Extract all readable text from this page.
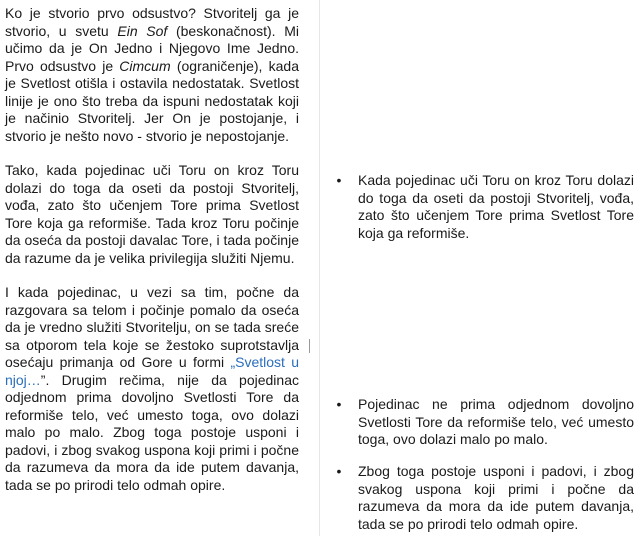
Ko je stvorio prvo odsustvo? Stvoritelj ga je stvorio, u svetu Ein Sof (beskonačnost). Mi učimo da je On Jedno i Njegovo Ime Jedno. Prvo odsustvo je Cimcum (ograničenje), kada je Svetlost otišla i ostavila nedostatak. Svetlost linije je ono što treba da ispuni nedostatak koji je načinio Stvoritelj. Jer On je postojanje, i stvorio je nešto novo - stvorio je nepostojanje.

Tako, kada pojedinac uči Toru on kroz Toru dolazi do toga da oseti da postoji Stvoritelj, vođa, zato što učenjem Tore prima Svetlost Tore koja ga reformiše. Tada kroz Toru počinje da oseća da postoji davalac Tore, i tada počinje da razume da je velika privilegija služiti Njemu.

I kada pojedinac, u vezi sa tim, počne da razgovara sa telom i počinje pomalo da oseća da je vredno služiti Stvoritelju, on se tada sreće sa otporom tela koje se žestoko suprotstavlja osećaju primanja od Gore u formi „Svetlost u njoj…”. Drugim rečima, nije da pojedinac odjednom prima dovoljno Svetlosti Tore da reformiše telo, već umesto toga, ovo dolazi malo po malo. Zbog toga postoje usponi i padovi, i zbog svakog uspona koji primi i počne da razumeva da mora da ide putem davanja, tada se po prirodi telo odmah opire.

•	Kada pojedinac uči Toru on kroz Toru dolazi do toga da oseti da postoji Stvoritelj, vođa, zato što učenjem Tore prima Svetlost Tore koja ga reformiše.

•	Pojedinac ne prima odjednom dovoljno Svetlosti Tore da reformiše telo, već umesto toga, ovo dolazi malo po malo.

•	Zbog toga postoje usponi i padovi, i zbog svakog uspona koji primi i počne da razumeva da mora da ide putem davanja, tada se po prirodi telo odmah opire.
